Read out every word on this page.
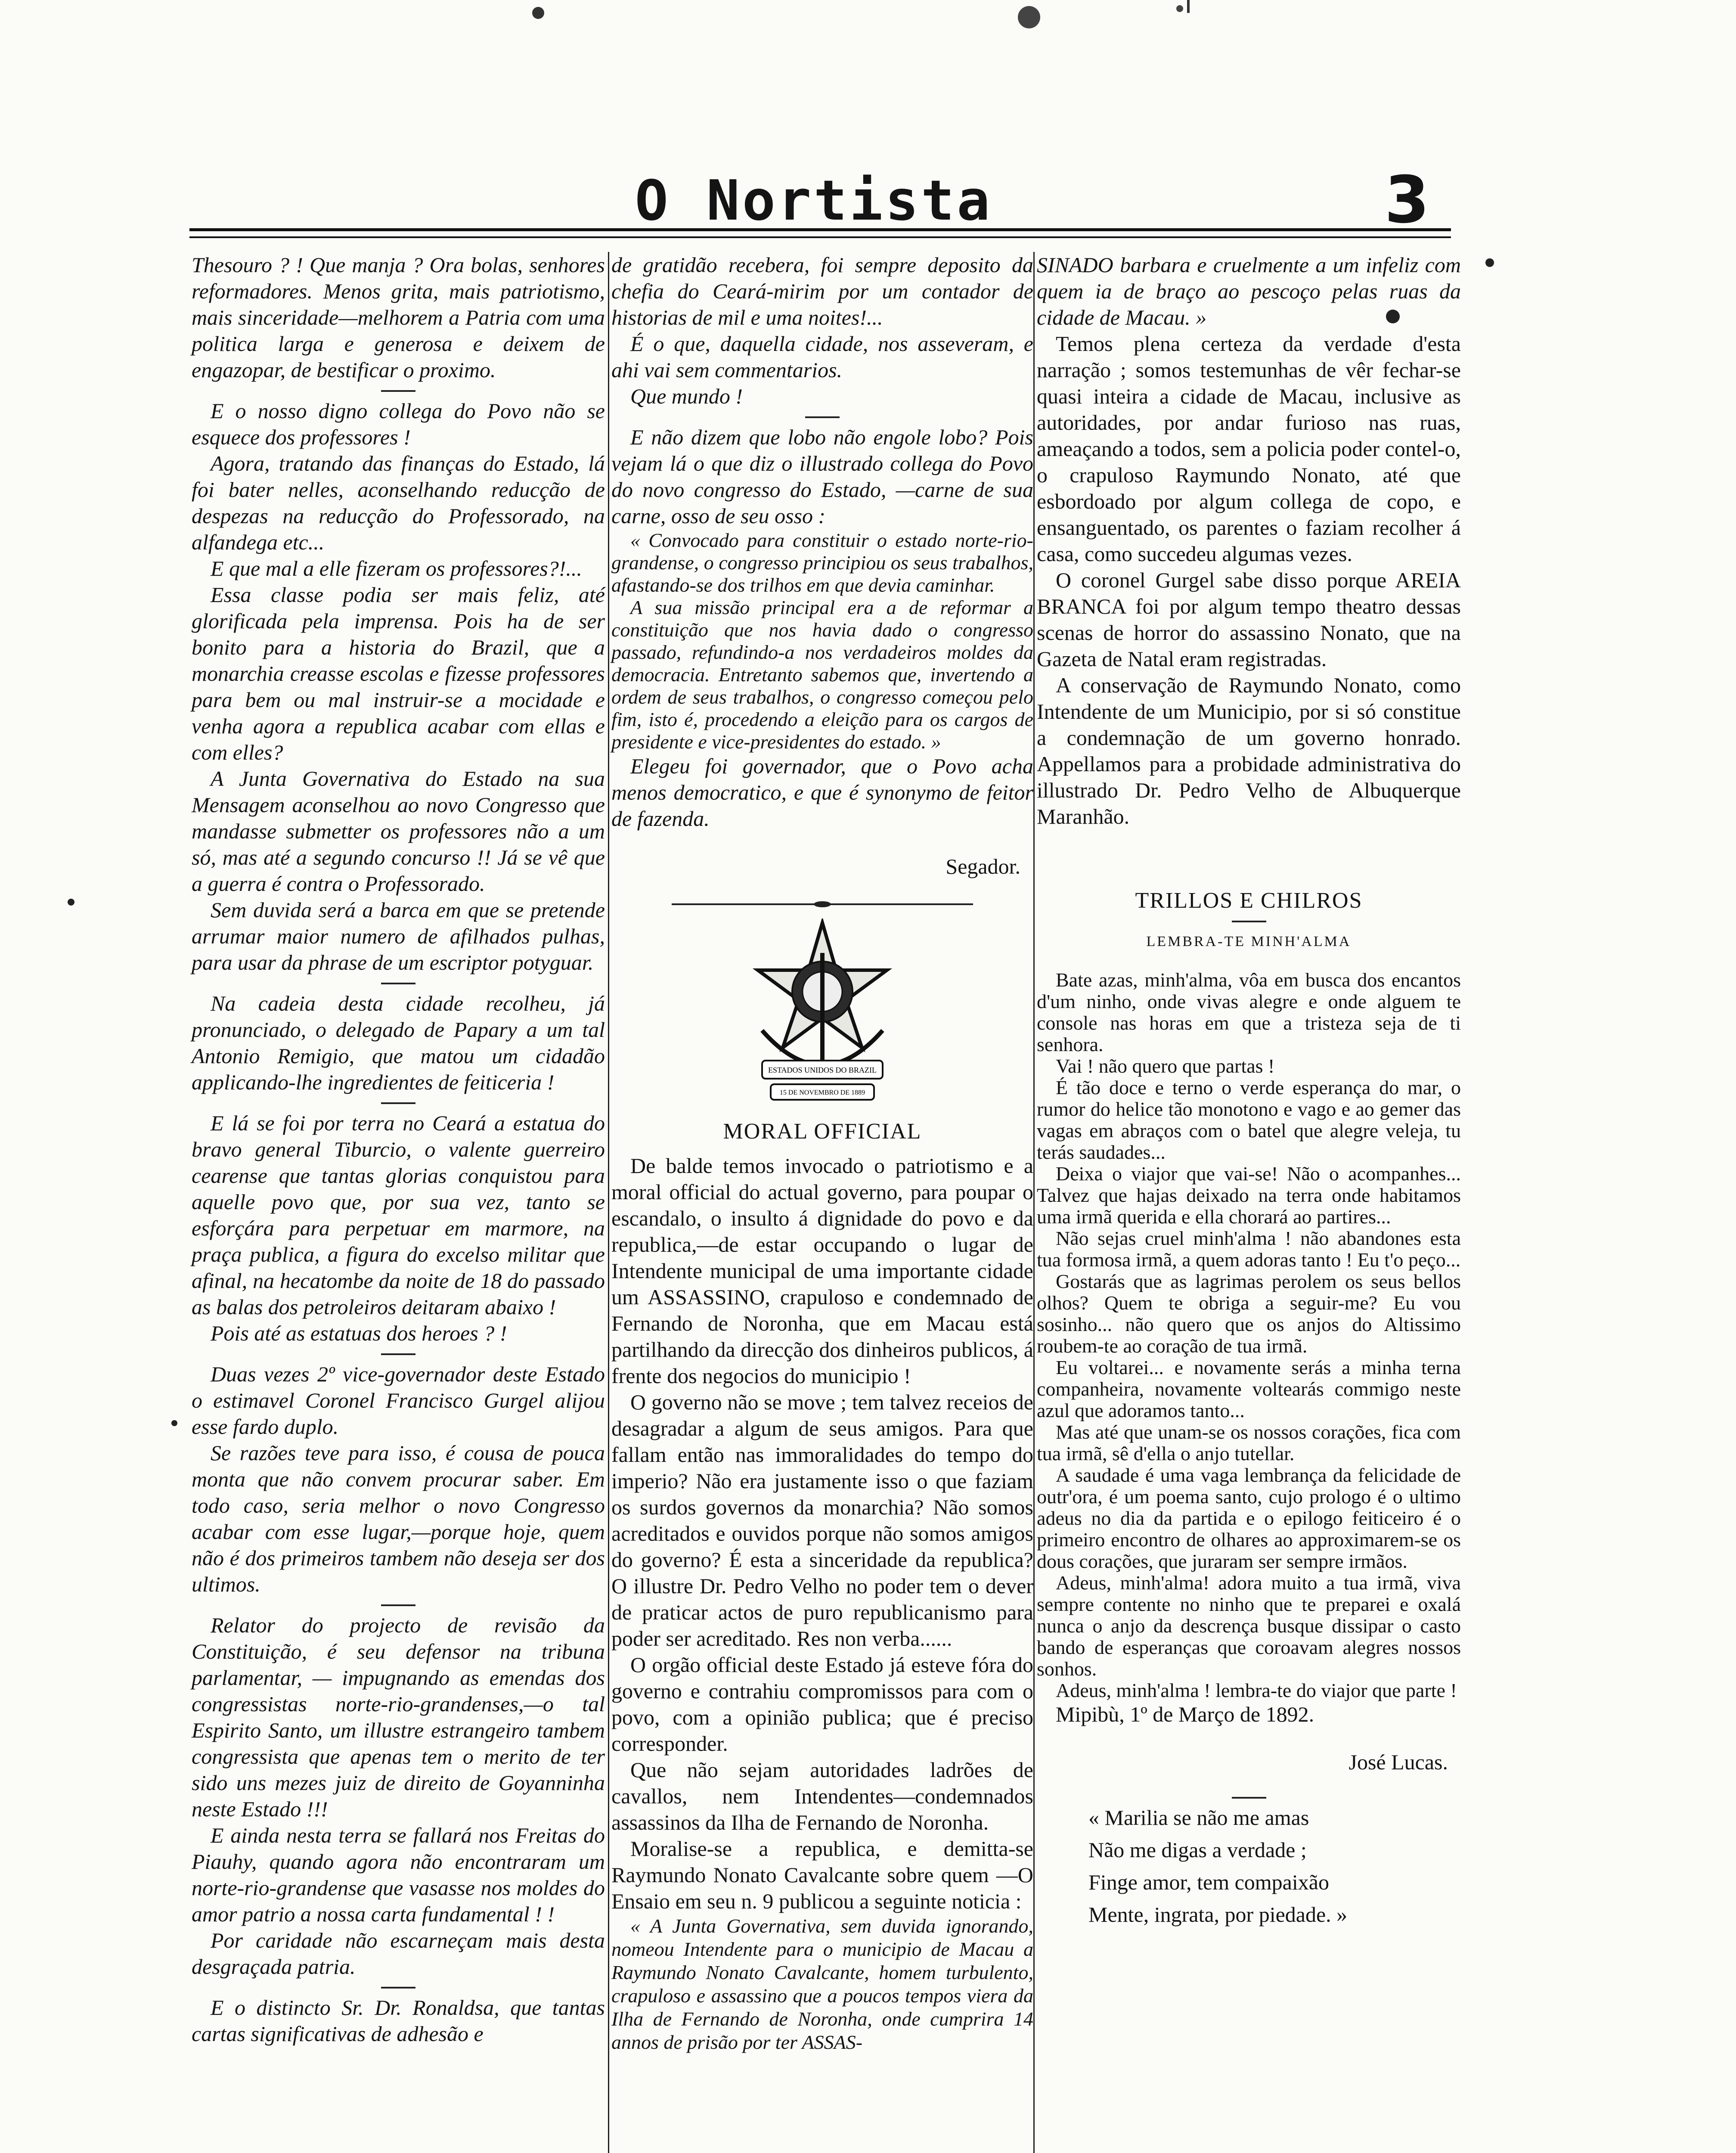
O Nortista	3

Thesouro ? ! Que manja ? Ora bolas, senhores reformadores. Menos grita, mais patriotismo, mais sinceridade—melhorem a Patria com uma politica larga e generosa e deixem de engazopar, de bestificar o proximo.

E o nosso digno collega do Povo não se esquece dos professores !

Agora, tratando das finanças do Estado, lá foi bater nelles, aconselhando reducção de despezas na reducção do Professorado, na alfandega etc...

E que mal a elle fizeram os professores?!...

Essa classe podia ser mais feliz, até glorificada pela imprensa. Pois ha de ser bonito para a historia do Brazil, que a monarchia creasse escolas e fizesse professores para bem ou mal instruir-se a mocidade e venha agora a republica acabar com ellas e com elles?

A Junta Governativa do Estado na sua Mensagem aconselhou ao novo Congresso que mandasse submetter os professores não a um só, mas até a segundo concurso !! Já se vê que a guerra é contra o Professorado.

Sem duvida será a barca em que se pretende arrumar maior numero de afilhados pulhas, para usar da phrase de um escriptor potyguar.

Na cadeia desta cidade recolheu, já pronunciado, o delegado de Papary a um tal Antonio Remigio, que matou um cidadão applicando-lhe ingredientes de feiticeria !

E lá se foi por terra no Ceará a estatua do bravo general Tiburcio, o valente guerreiro cearense que tantas glorias conquistou para aquelle povo que, por sua vez, tanto se esforçára para perpetuar em marmore, na praça publica, a figura do excelso militar que afinal, na hecatombe da noite de 18 do passado as balas dos petroleiros deitaram abaixo !

Pois até as estatuas dos heroes ? !

Duas vezes 2º vice-governador deste Estado o estimavel Coronel Francisco Gurgel alijou esse fardo duplo.

Se razões teve para isso, é cousa de pouca monta que não convem procurar saber. Em todo caso, seria melhor o novo Congresso acabar com esse lugar,—porque hoje, quem não é dos primeiros tambem não deseja ser dos ultimos.

Relator do projecto de revisão da Constituição, é seu defensor na tribuna parlamentar, — impugnando as emendas dos congressistas norte-rio-grandenses,—o tal Espirito Santo, um illustre estrangeiro tambem congressista que apenas tem o merito de ter sido uns mezes juiz de direito de Goyanninha neste Estado !!!

E ainda nesta terra se fallará nos Freitas do Piauhy, quando agora não encontraram um norte-rio-grandense que vasasse nos moldes do amor patrio a nossa carta fundamental ! !

Por caridade não escarneçam mais desta desgraçada patria.

E o distincto Sr. Dr. Ronaldsa, que tantas cartas significativas de adhesão e

de gratidão recebera, foi sempre deposito da chefia do Ceará-mirim por um contador de historias de mil e uma noites!...

É o que, daquella cidade, nos asseveram, e ahi vai sem commentarios.

Que mundo !

E não dizem que lobo não engole lobo? Pois vejam lá o que diz o illustrado collega do Povo do novo congresso do Estado, —carne de sua carne, osso de seu osso :

« Convocado para constituir o estado norte-rio-grandense, o congresso principiou os seus trabalhos, afastando-se dos trilhos em que devia caminhar.

A sua missão principal era a de reformar a constituição que nos havia dado o congresso passado, refundindo-a nos verdadeiros moldes da democracia. Entretanto sabemos que, invertendo a ordem de seus trabalhos, o congresso começou pelo fim, isto é, procedendo a eleição para os cargos de presidente e vice-presidentes do estado. »

Elegeu foi governador, que o Povo acha menos democratico, e que é synonymo de feitor de fazenda.

Segador.

ESTADOS UNIDOS DO BRAZIL
15 DE NOVEMBRO DE 1889
MORAL OFFICIAL

De balde temos invocado o patriotismo e a moral official do actual governo, para poupar o escandalo, o insulto á dignidade do povo e da republica,—de estar occupando o lugar de Intendente municipal de uma importante cidade um ASSASSINO, crapuloso e condemnado de Fernando de Noronha, que em Macau está partilhando da direcção dos dinheiros publicos, á frente dos negocios do municipio !

O governo não se move ; tem talvez receios de desagradar a algum de seus amigos. Para que fallam então nas immoralidades do tempo do imperio? Não era justamente isso o que faziam os surdos governos da monarchia? Não somos acreditados e ouvidos porque não somos amigos do governo? É esta a sinceridade da republica? O illustre Dr. Pedro Velho no poder tem o dever de praticar actos de puro republicanismo para poder ser acreditado. Res non verba......

O orgão official deste Estado já esteve fóra do governo e contrahiu compromissos para com o povo, com a opinião publica; que é preciso corresponder.

Que não sejam autoridades ladrões de cavallos, nem Intendentes—condemnados assassinos da Ilha de Fernando de Noronha.

Moralise-se a republica, e demitta-se Raymundo Nonato Cavalcante sobre quem —O Ensaio em seu n. 9 publicou a seguinte noticia :

« A Junta Governativa, sem duvida ignorando, nomeou Intendente para o municipio de Macau a Raymundo Nonato Cavalcante, homem turbulento, crapuloso e assassino que a poucos tempos viera da Ilha de Fernando de Noronha, onde cumprira 14 annos de prisão por ter ASSAS-

SINADO barbara e cruelmente a um infeliz com quem ia de braço ao pescoço pelas ruas da cidade de Macau. »

Temos plena certeza da verdade d'esta narração ; somos testemunhas de vêr fechar-se quasi inteira a cidade de Macau, inclusive as autoridades, por andar furioso nas ruas, ameaçando a todos, sem a policia poder contel-o, o crapuloso Raymundo Nonato, até que esbordoado por algum collega de copo, e ensanguentado, os parentes o faziam recolher á casa, como succedeu algumas vezes.

O coronel Gurgel sabe disso porque AREIA BRANCA foi por algum tempo theatro dessas scenas de horror do assassino Nonato, que na Gazeta de Natal eram registradas.

A conservação de Raymundo Nonato, como Intendente de um Municipio, por si só constitue a condemnação de um governo honrado. Appellamos para a probidade administrativa do illustrado Dr. Pedro Velho de Albuquerque Maranhão.

TRILLOS E CHILROS
LEMBRA-TE MINH'ALMA

Bate azas, minh'alma, vôa em busca dos encantos d'um ninho, onde vivas alegre e onde alguem te console nas horas em que a tristeza seja de ti senhora.

Vai ! não quero que partas !

É tão doce e terno o verde esperança do mar, o rumor do helice tão monotono e vago e ao gemer das vagas em abraços com o batel que alegre veleja, tu terás saudades...

Deixa o viajor que vai-se! Não o acompanhes... Talvez que hajas deixado na terra onde habitamos uma irmã querida e ella chorará ao partires...

Não sejas cruel minh'alma ! não abandones esta tua formosa irmã, a quem adoras tanto ! Eu t'o peço...

Gostarás que as lagrimas perolem os seus bellos olhos? Quem te obriga a seguir-me? Eu vou sosinho... não quero que os anjos do Altissimo roubem-te ao coração de tua irmã.

Eu voltarei... e novamente serás a minha terna companheira, novamente voltearás commigo neste azul que adoramos tanto...

Mas até que unam-se os nossos corações, fica com tua irmã, sê d'ella o anjo tutellar.

A saudade é uma vaga lembrança da felicidade de outr'ora, é um poema santo, cujo prologo é o ultimo adeus no dia da partida e o epilogo feiticeiro é o primeiro encontro de olhares ao approximarem-se os dous corações, que juraram ser sempre irmãos.

Adeus, minh'alma! adora muito a tua irmã, viva sempre contente no ninho que te preparei e oxalá nunca o anjo da descrença busque dissipar o casto bando de esperanças que coroavam alegres nossos sonhos.

Adeus, minh'alma ! lembra-te do viajor que parte !

Mipibù, 1º de Março de 1892.

José Lucas.

« Marilia se não me amas

Não me digas a verdade ;

Finge amor, tem compaixão

Mente, ingrata, por piedade. »
